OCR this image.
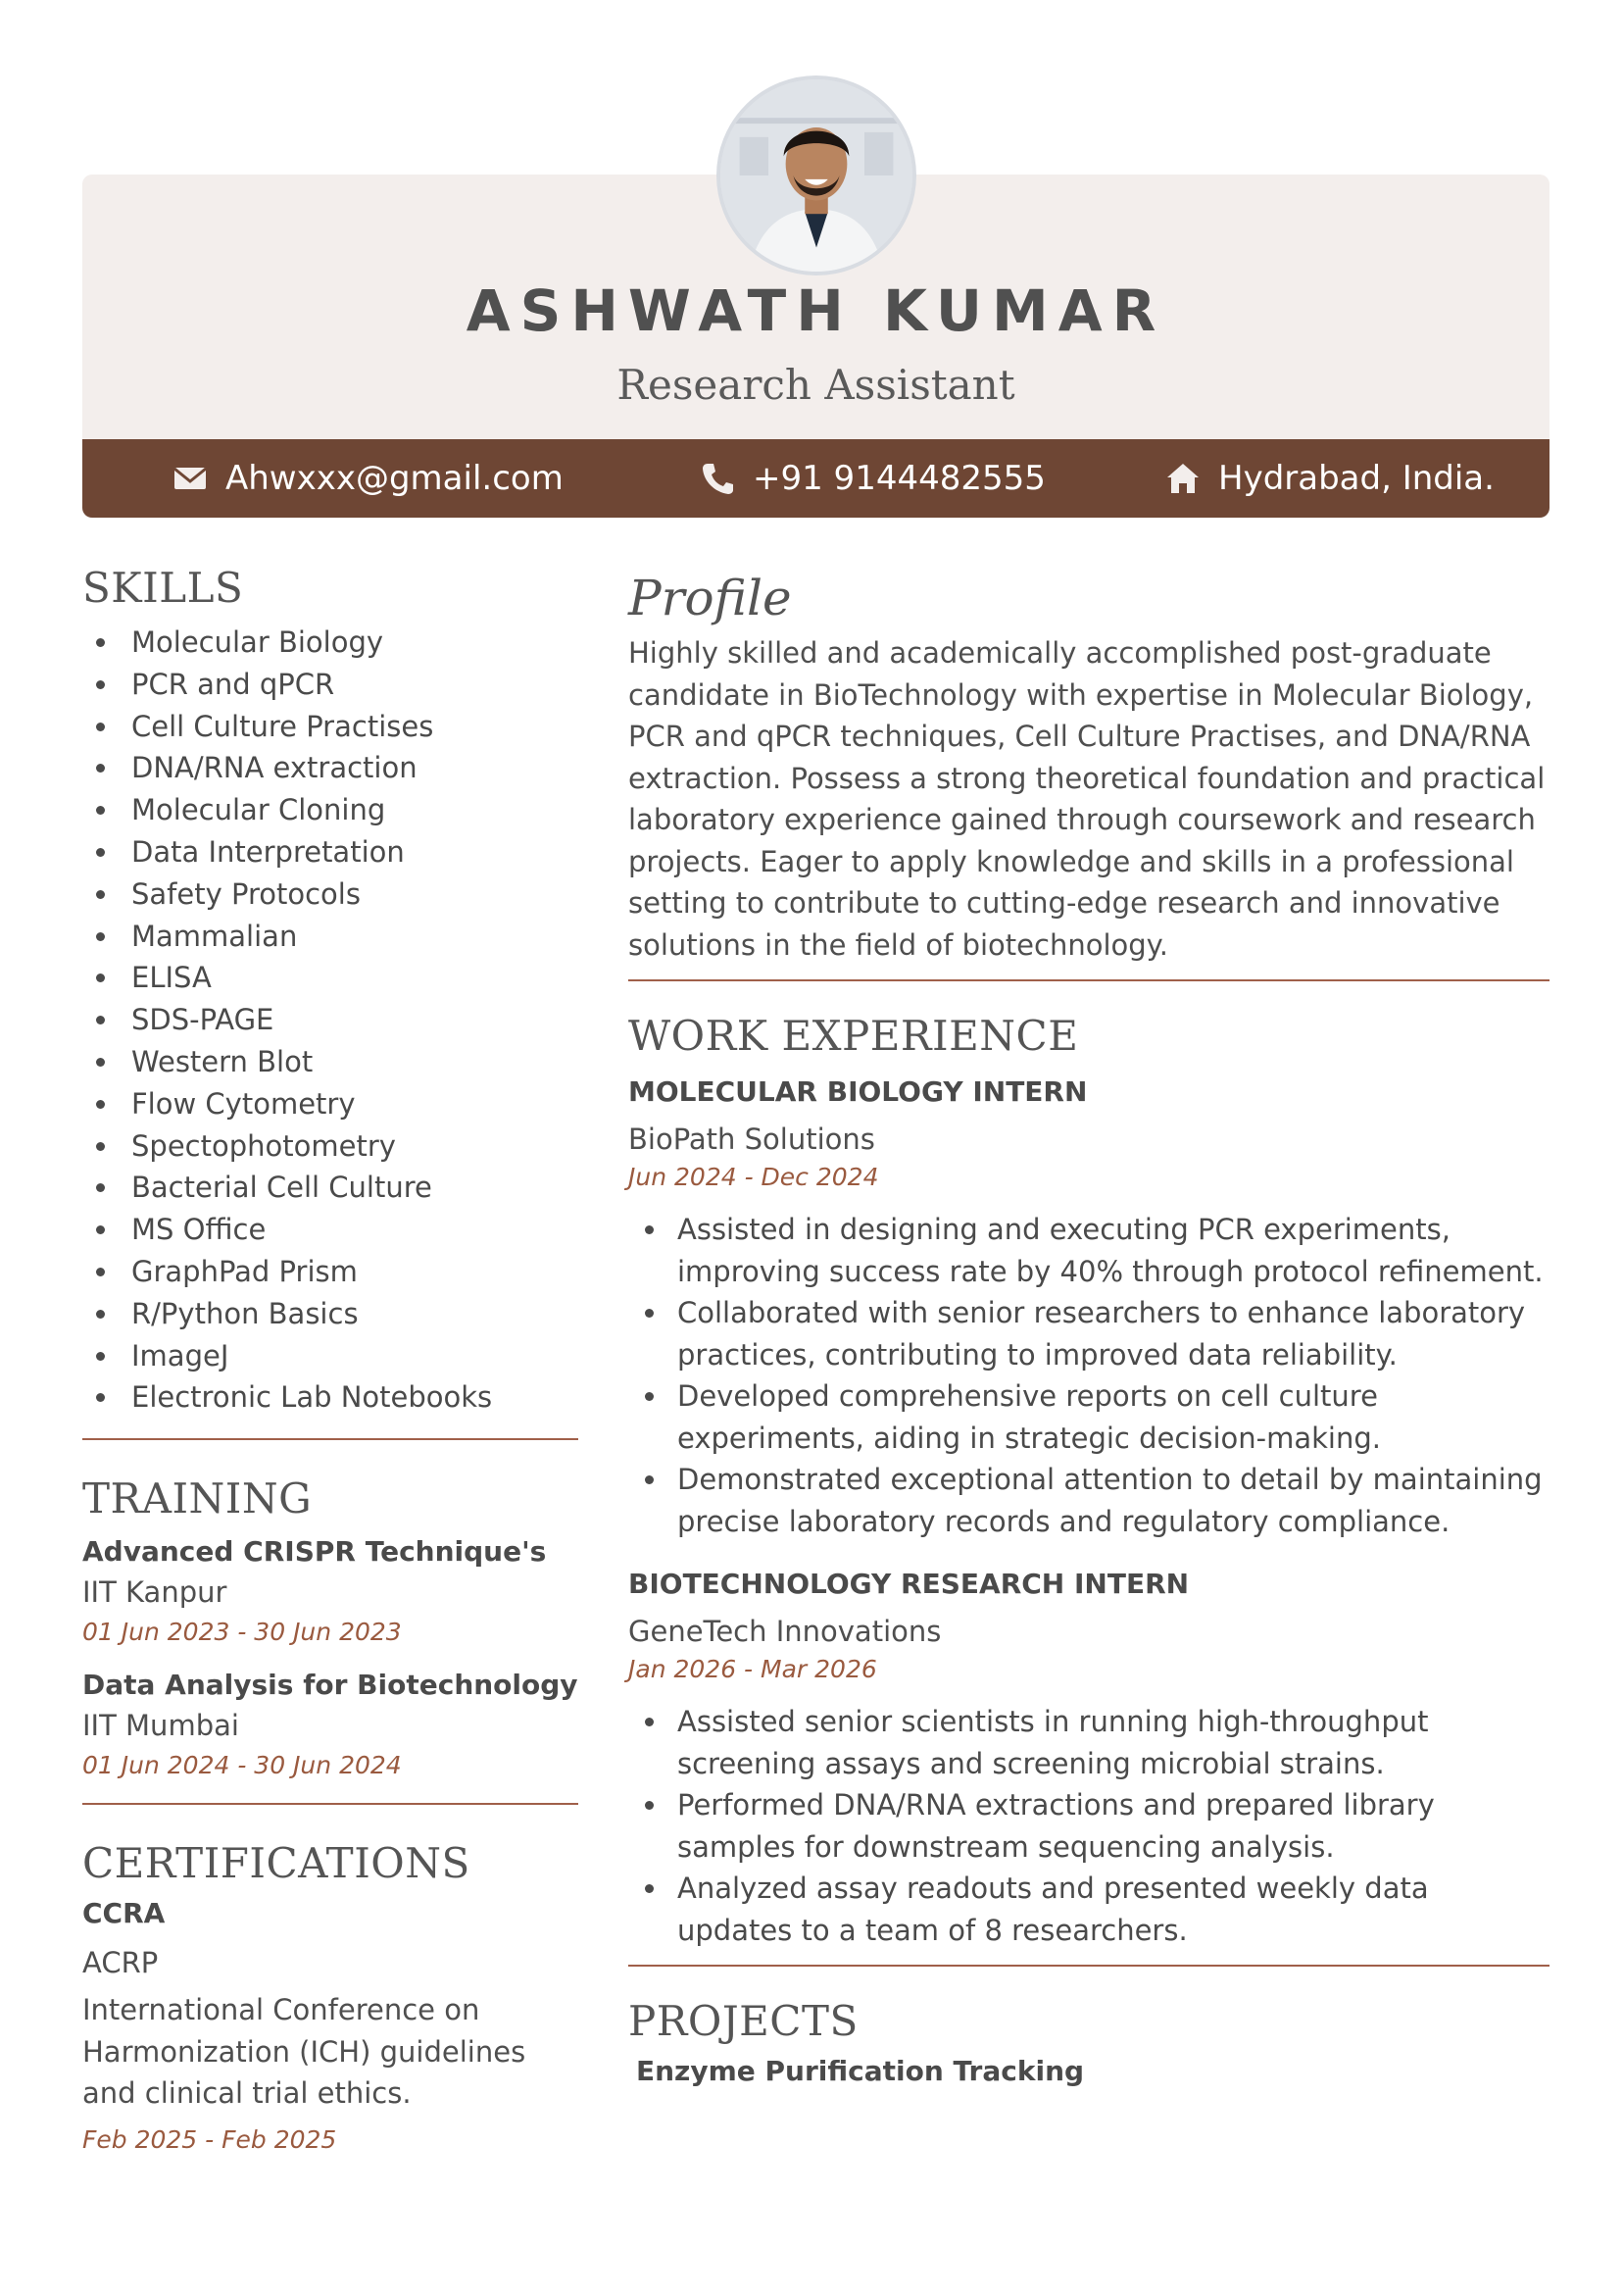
ASHWATH KUMAR
Research Assistant
Ahwxxx@gmail.com	+91 9144482555	Hydrabad, India.
SKILLS
Molecular Biology
PCR and qPCR
Cell Culture Practises
DNA/RNA extraction
Molecular Cloning
Data Interpretation
Safety Protocols
Mammalian
ELISA
SDS-PAGE
Western Blot
Flow Cytometry
Spectophotometry
Bacterial Cell Culture
MS Office
GraphPad Prism
R/Python Basics
ImageJ
Electronic Lab Notebooks
TRAINING
Advanced CRISPR Technique's
IIT Kanpur
01 Jun 2023 - 30 Jun 2023
Data Analysis for Biotechnology
IIT Mumbai
01 Jun 2024 - 30 Jun 2024
CERTIFICATIONS
CCRA
ACRP
International Conference on Harmonization (ICH) guidelines and clinical trial ethics.
Feb 2025 - Feb 2025
Profile
Highly skilled and academically accomplished post-graduate candidate in BioTechnology with expertise in Molecular Biology, PCR and qPCR techniques, Cell Culture Practises, and DNA/RNA extraction. Possess a strong theoretical foundation and practical laboratory experience gained through coursework and research projects. Eager to apply knowledge and skills in a professional setting to contribute to cutting-edge research and innovative solutions in the field of biotechnology.
WORK EXPERIENCE
MOLECULAR BIOLOGY INTERN
BioPath Solutions
Jun 2024 - Dec 2024
Assisted in designing and executing PCR experiments, improving success rate by 40% through protocol refinement.
Collaborated with senior researchers to enhance laboratory practices, contributing to improved data reliability.
Developed comprehensive reports on cell culture experiments, aiding in strategic decision-making.
Demonstrated exceptional attention to detail by maintaining precise laboratory records and regulatory compliance.
BIOTECHNOLOGY RESEARCH INTERN
GeneTech Innovations
Jan 2026 - Mar 2026
Assisted senior scientists in running high-throughput screening assays and screening microbial strains.
Performed DNA/RNA extractions and prepared library samples for downstream sequencing analysis.
Analyzed assay readouts and presented weekly data updates to a team of 8 researchers.
PROJECTS
Enzyme Purification Tracking
